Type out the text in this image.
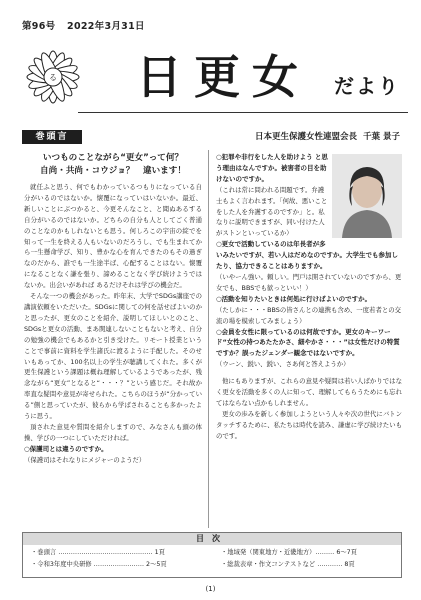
第96号 2022年3月31日
る 日更女 だより
巻頭言	日本更生保護女性連盟会長 千葉 景子
いつものことながら“更女”って何？
自尚・共尚・コウジョ？　違います！

就任ふと思う、何でもわかっているつもりになっている自分がいるのではないか。懐覆になっていはいないか。最近、新しいことにぶつかると、今更そんなこと、と聞ぬあるする自分がいるのではないか。どちらの自分も人としてごく普通のことなのかもしれないとも思う。何しろこの宇宙の綻でを知って一生を終える人もいないのだろうし、でも生まれてから一生懸命学び、知り、豊かな心を育んできたのもその過ぎなのだから、誰でも一生途半ば、心配することはない。懐覆になることなく謙を張り、諦めることなく学び続けようではないか。出会いがあれば あるだけそれは学びの機会だ。

そんな一つの機会があった。昨年末、大学でSDGs講座での講演依頼をいただいた。SDGsに関しての何を話せばよいのかと思ったが、更女のことを紹介、説明してほしいとのこと、SDGsと更女の活動、まあ関連しないこともないと考え、自分の勉強の機会でもあるかと引き受けた。リモート授業ということで事前に資料を学生諸氏に渡るように手配した。そのせいもあってか、100名以上の学生が聴講してくれた。多くが更生保護という課題は概ね理解しているようであったが、残念ながら“更女”となると“・・・？”という感じだ。それ故か率直な疑問や意見が寄せられた。こちらのほうが“分かっている”側と思っていたが、彼らから学ばされることも多かったように思う。

頂された意見や質問を紹介しますので、みなさんも頭の体操、学びの一つにしていただければ。

○保護司とは違うのですか。

（保護司はそれなりにメジャーのようだ）

○犯罪や非行をした人を助けよう と思う理由はなんですか。被害者の目を助けないのですか。

（これは常に問われる問題です。弁護士もよく言われます。「何故、悪いことをした人を弁護するのですか」と。私なりに説明できますが、同い付けた人がストンといっているか）

○更女で活動しているのは年長者が多いみたいですが、若い人はだめなのですか。大学生でも参加したり、協力できることはありますか。

（いやーん強い。頼しい。門戸は開されていないのですから、更女でも、BBSでも歓っといい！）

○活動を知りたいときは何処に行けばよいのですか。

（たしかに・・・BBSの皆さんとの連携も含め、一度若者との交流の場を模索してみましょう）

○会員を女性に限っているのは何故ですか。更女のキーワード“女性の持つあたたかさ、細やかさ・・・”は女性だけの特質ですか？誤ったジェンダー観念ではないですか。

（ウーン、鋭い、鋭い、さあ何と答えようか）

他にもありますが、これらの意見や疑問は若い人ばかりではなく更女を活動を多くの人に知って、理解してもらうためにも忘れてはならない点かもしれません。

更女の歩みを新しく参加しようという人々や次の世代にバトンタッチするために、私たちは時代を読み、謙虚に学び続けたいものです。

目次
・巻頭言 ……………………………………… 1頁
・令和3年度中央研修 …………………… 2〜5頁
・地域発（関東地方・近畿地方）……… 6〜7頁
・総裁表章・作文コンテストなど ………… 8頁
(1)
